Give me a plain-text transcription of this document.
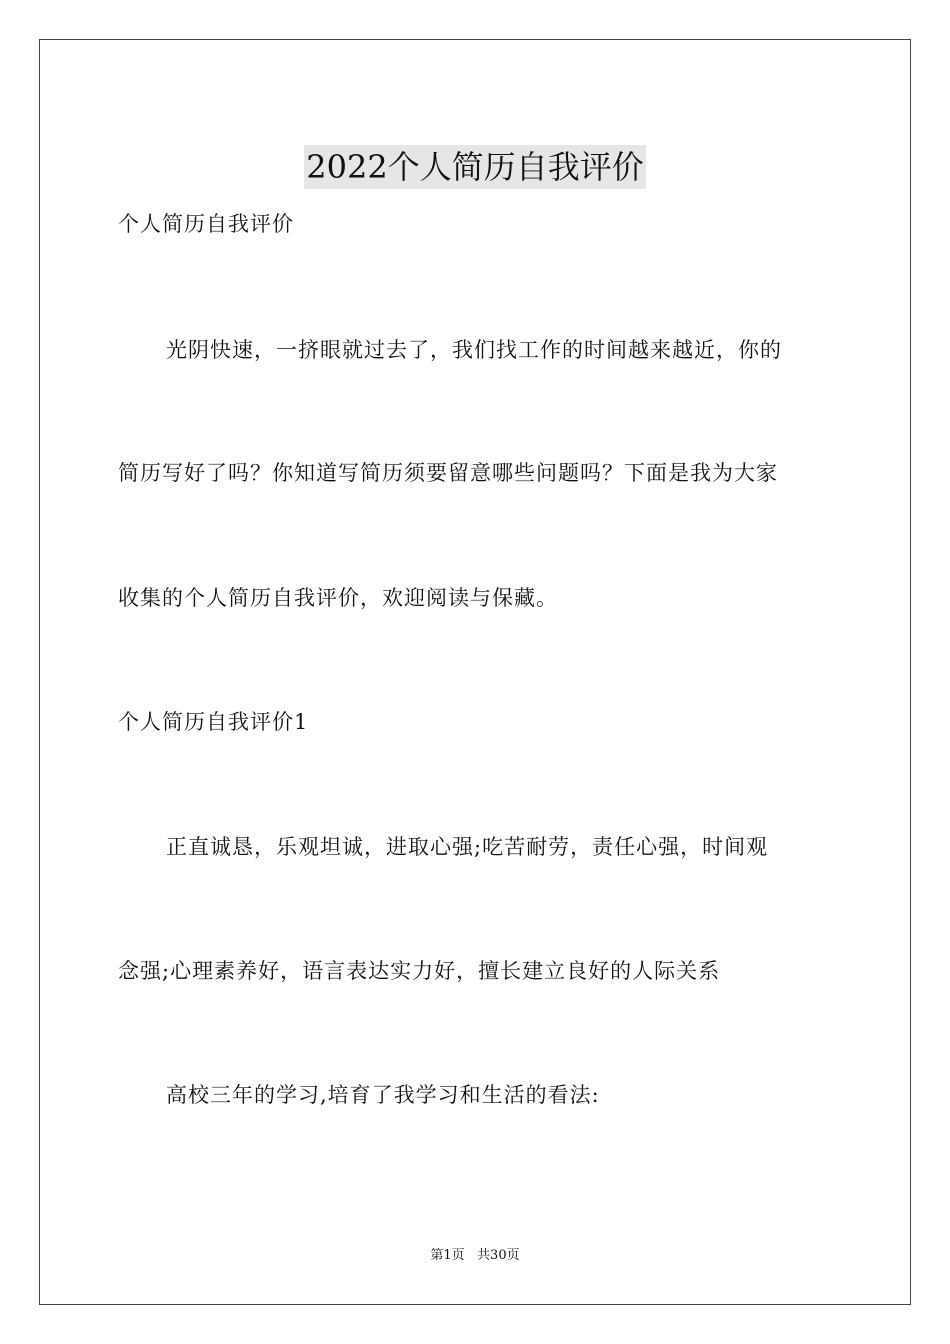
2022个人简历自我评价
个人简历自我评价
光阴快速，一挤眼就过去了，我们找工作的时间越来越近，你的
简历写好了吗？你知道写简历须要留意哪些问题吗？下面是我为大家
收集的个人简历自我评价，欢迎阅读与保藏。
个人简历自我评价1
正直诚恳，乐观坦诚，进取心强;吃苦耐劳，责任心强，时间观
念强;心理素养好，语言表达实力好，擅长建立良好的人际关系
高校三年的学习,培育了我学习和生活的看法:
第1页   共30页
